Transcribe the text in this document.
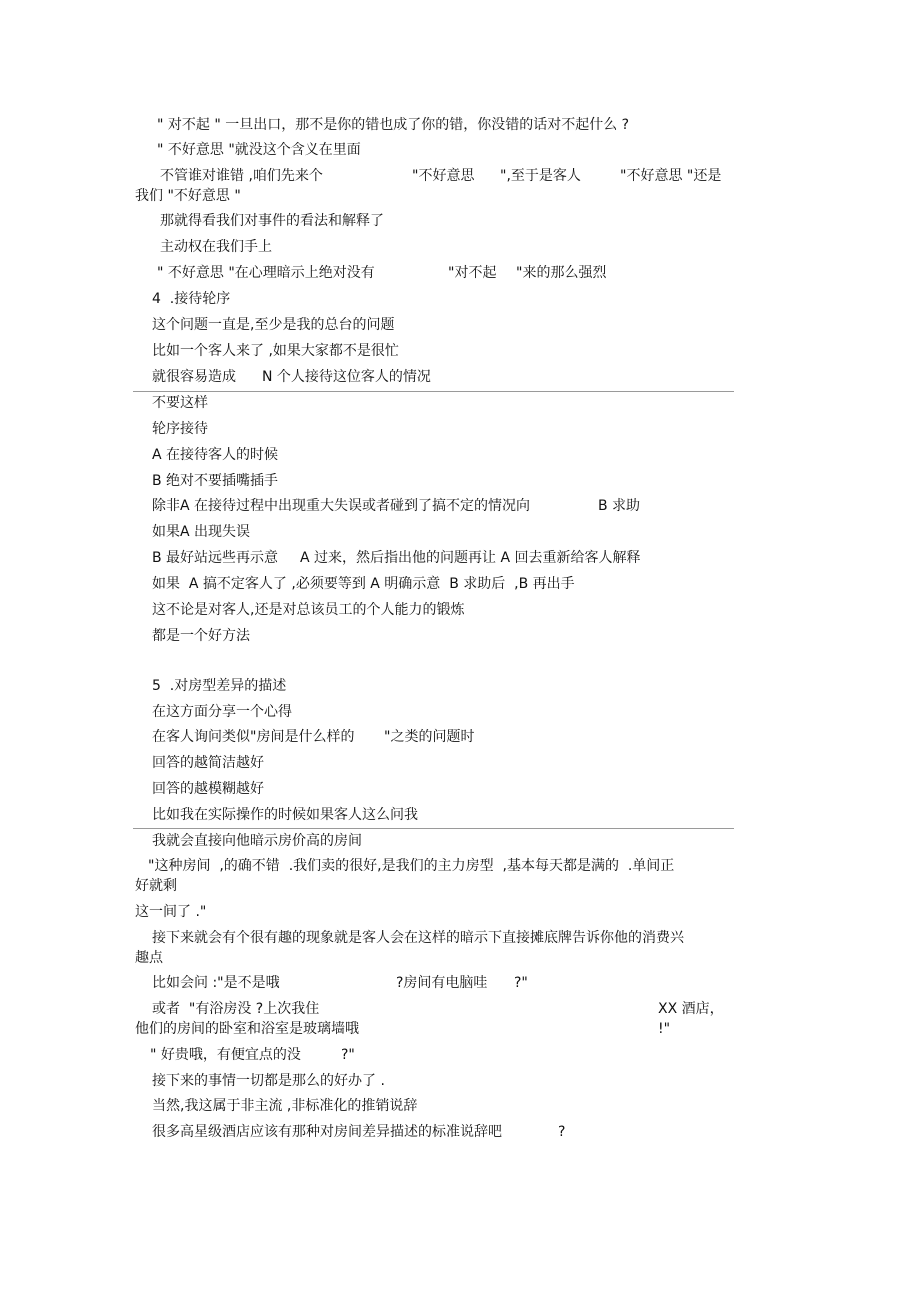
" 对不起 " 一旦出口，那不是你的错也成了你的错，你没错的话对不起什么 ?
" 不好意思 "就没这个含义在里面
不管谁对谁错 ,咱们先来个	"不好意思 ",至于是客人	"不好意思 "还是
我们 "不好意思 "
那就得看我们对事件的看法和解释了
主动权在我们手上
" 不好意思 "在心理暗示上绝对没有	"对不起 "来的那么强烈
4  .接待轮序
这个问题一直是,至少是我的总台的问题
比如一个客人来了 ,如果大家都不是很忙
就很容易造成 N 个人接待这位客人的情况
不要这样
轮序接待
A 在接待客人的时候
B 绝对不要插嘴插手
除非A 在接待过程中出现重大失误或者碰到了搞不定的情况向	B 求助
如果A 出现失误
B 最好站远些再示意 A 过来，然后指出他的问题再让 A 回去重新给客人解释
如果  A 搞不定客人了 ,必须要等到 A 明确示意  B 求助后  ,B 再出手
这不论是对客人,还是对总该员工的个人能力的锻炼
都是一个好方法
5  .对房型差异的描述
在这方面分享一个心得
在客人询问类似"房间是什么样的 "之类的问题时
回答的越简洁越好
回答的越模糊越好
比如我在实际操作的时候如果客人这么问我
我就会直接向他暗示房价高的房间
"这种房间  ,的确不错  .我们卖的很好,是我们的主力房型  ,基本每天都是满的  .单间正
好就剩
这一间了 ."
接下来就会有个很有趣的现象就是客人会在这样的暗示下直接摊底牌告诉你他的消费兴
趣点
比如会问 :"是不是哦	?房间有电脑哇 ?"
或者  "有浴房没 ?上次我住	XX 酒店，
他们的房间的卧室和浴室是玻璃墙哦	!"
" 好贵哦，有便宜点的没	?"
接下来的事情一切都是那么的好办了 .
当然,我这属于非主流 ,非标准化的推销说辞
很多高星级酒店应该有那种对房间差异描述的标准说辞吧	?
